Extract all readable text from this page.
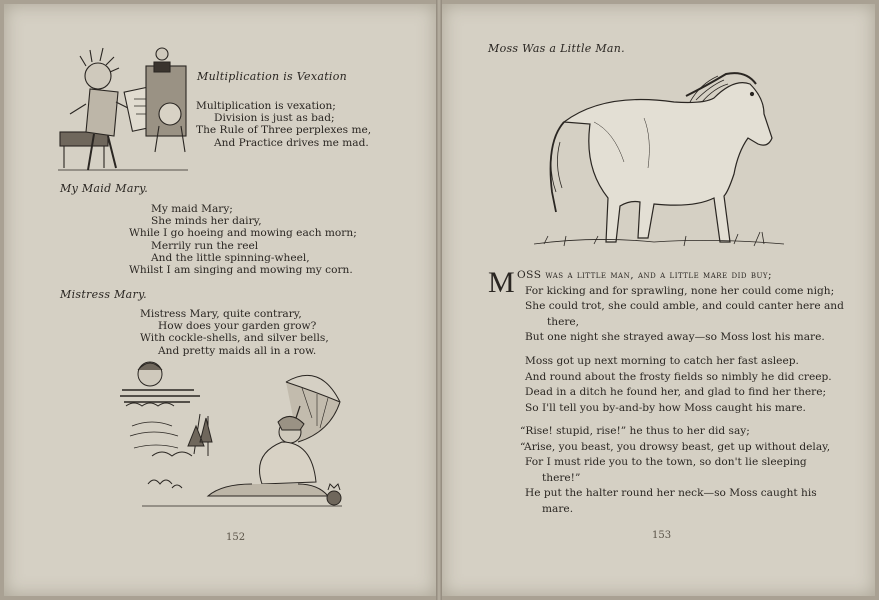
Multiplication is Vexation
Multiplication is vexation;
Division is just as bad;
The Rule of Three perplexes me,
And Practice drives me mad.
My Maid Mary.
My maid Mary;
She minds her dairy,
While I go hoeing and mowing each morn;
Merrily run the reel
And the little spinning-wheel,
Whilst I am singing and mowing my corn.
Mistress Mary.
Mistress Mary, quite contrary,
How does your garden grow?
With cockle-shells, and silver bells,
And pretty maids all in a row.
152
Moss Was a Little Man.
M OSS was a little man, and a little mare did buy;
For kicking and for sprawling, none her could come nigh;
She could trot, she could amble, and could canter here and
there,
But one night she strayed away—so Moss lost his mare.
Moss got up next morning to catch her fast asleep.
And round about the frosty fields so nimbly he did creep.
Dead in a ditch he found her, and glad to find her there;
So I'll tell you by-and-by how Moss caught his mare.
“Rise! stupid, rise!” he thus to her did say;
“Arise, you beast, you drowsy beast, get up without delay,
For I must ride you to the town, so don't lie sleeping
there!”
He put the halter round her neck—so Moss caught his
mare.
153
